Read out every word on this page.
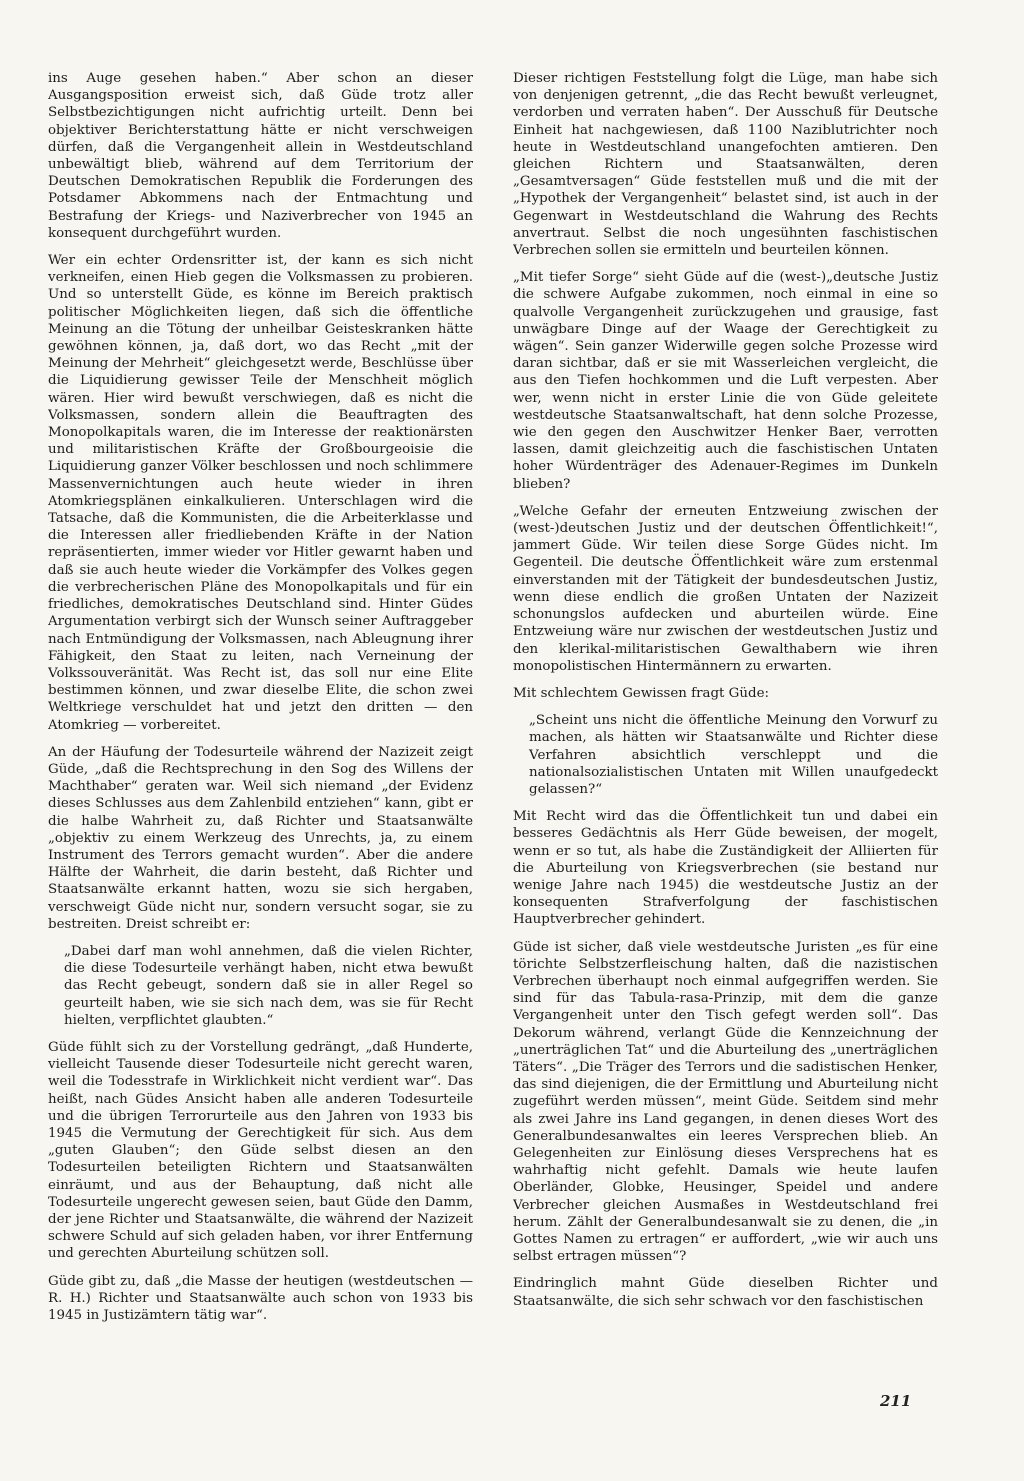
ins Auge gesehen haben.“ Aber schon an dieser Ausgangsposition erweist sich, daß Güde trotz aller Selbstbezichtigungen nicht aufrichtig urteilt. Denn bei objektiver Berichterstattung hätte er nicht verschweigen dürfen, daß die Vergangenheit allein in Westdeutschland unbewältigt blieb, während auf dem Territorium der Deutschen Demokratischen Republik die Forderungen des Potsdamer Abkommens nach der Entmachtung und Bestrafung der Kriegs- und Naziverbrecher von 1945 an konsequent durchgeführt wurden.

Wer ein echter Ordensritter ist, der kann es sich nicht verkneifen, einen Hieb gegen die Volksmassen zu probieren. Und so unterstellt Güde, es könne im Bereich praktisch politischer Möglichkeiten liegen, daß sich die öffentliche Meinung an die Tötung der unheilbar Geisteskranken hätte gewöhnen können, ja, daß dort, wo das Recht „mit der Meinung der Mehrheit“ gleichgesetzt werde, Beschlüsse über die Liquidierung gewisser Teile der Menschheit möglich wären. Hier wird bewußt verschwiegen, daß es nicht die Volksmassen, sondern allein die Beauftragten des Monopolkapitals waren, die im Interesse der reaktionärsten und militaristischen Kräfte der Großbourgeoisie die Liquidierung ganzer Völker beschlossen und noch schlimmere Massenvernichtungen auch heute wieder in ihren Atomkriegsplänen einkalkulieren. Unterschlagen wird die Tatsache, daß die Kommunisten, die die Arbeiterklasse und die Interessen aller friedliebenden Kräfte in der Nation repräsentierten, immer wieder vor Hitler gewarnt haben und daß sie auch heute wieder die Vorkämpfer des Volkes gegen die verbrecherischen Pläne des Monopolkapitals und für ein friedliches, demokratisches Deutschland sind. Hinter Güdes Argumentation verbirgt sich der Wunsch seiner Auftraggeber nach Entmündigung der Volksmassen, nach Ableugnung ihrer Fähigkeit, den Staat zu leiten, nach Verneinung der Volkssouveränität. Was Recht ist, das soll nur eine Elite bestimmen können, und zwar dieselbe Elite, die schon zwei Weltkriege verschuldet hat und jetzt den dritten — den Atomkrieg — vorbereitet.

An der Häufung der Todesurteile während der Nazizeit zeigt Güde, „daß die Rechtsprechung in den Sog des Willens der Machthaber“ geraten war. Weil sich niemand „der Evidenz dieses Schlusses aus dem Zahlenbild entziehen“ kann, gibt er die halbe Wahrheit zu, daß Richter und Staatsanwälte „objektiv zu einem Werkzeug des Unrechts, ja, zu einem Instrument des Terrors gemacht wurden“. Aber die andere Hälfte der Wahrheit, die darin besteht, daß Richter und Staatsanwälte erkannt hatten, wozu sie sich hergaben, verschweigt Güde nicht nur, sondern versucht sogar, sie zu bestreiten. Dreist schreibt er:

„Dabei darf man wohl annehmen, daß die vielen Richter, die diese Todesurteile verhängt haben, nicht etwa bewußt das Recht gebeugt, sondern daß sie in aller Regel so geurteilt haben, wie sie sich nach dem, was sie für Recht hielten, verpflichtet glaubten.“

Güde fühlt sich zu der Vorstellung gedrängt, „daß Hunderte, vielleicht Tausende dieser Todesurteile nicht gerecht waren, weil die Todesstrafe in Wirklichkeit nicht verdient war“. Das heißt, nach Güdes Ansicht haben alle anderen Todesurteile und die übrigen Terrorurteile aus den Jahren von 1933 bis 1945 die Vermutung der Gerechtigkeit für sich. Aus dem „guten Glauben“; den Güde selbst diesen an den Todesurteilen beteiligten Richtern und Staatsanwälten einräumt, und aus der Behauptung, daß nicht alle Todesurteile ungerecht gewesen seien, baut Güde den Damm, der jene Richter und Staatsanwälte, die während der Nazizeit schwere Schuld auf sich geladen haben, vor ihrer Entfernung und gerechten Aburteilung schützen soll.

Güde gibt zu, daß „die Masse der heutigen (westdeutschen — R. H.) Richter und Staatsanwälte auch schon von 1933 bis 1945 in Justizämtern tätig war“.

Dieser richtigen Feststellung folgt die Lüge, man habe sich von denjenigen getrennt, „die das Recht bewußt verleugnet, verdorben und verraten haben“. Der Ausschuß für Deutsche Einheit hat nachgewiesen, daß 1100 Naziblutrichter noch heute in Westdeutschland unangefochten amtieren. Den gleichen Richtern und Staatsanwälten, deren „Gesamtversagen“ Güde feststellen muß und die mit der „Hypothek der Vergangenheit“ belastet sind, ist auch in der Gegenwart in Westdeutschland die Wahrung des Rechts anvertraut. Selbst die noch ungesühnten faschistischen Verbrechen sollen sie ermitteln und beurteilen können.

„Mit tiefer Sorge“ sieht Güde auf die (west-)„deutsche Justiz die schwere Aufgabe zukommen, noch einmal in eine so qualvolle Vergangenheit zurückzugehen und grausige, fast unwägbare Dinge auf der Waage der Gerechtigkeit zu wägen“. Sein ganzer Widerwille gegen solche Prozesse wird daran sichtbar, daß er sie mit Wasserleichen vergleicht, die aus den Tiefen hochkommen und die Luft verpesten. Aber wer, wenn nicht in erster Linie die von Güde geleitete westdeutsche Staatsanwaltschaft, hat denn solche Prozesse, wie den gegen den Auschwitzer Henker Baer, verrotten lassen, damit gleichzeitig auch die faschistischen Untaten hoher Würdenträger des Adenauer-Regimes im Dunkeln blieben?

„Welche Gefahr der erneuten Entzweiung zwischen der (west-)deutschen Justiz und der deutschen Öffentlichkeit!“, jammert Güde. Wir teilen diese Sorge Güdes nicht. Im Gegenteil. Die deutsche Öffentlichkeit wäre zum erstenmal einverstanden mit der Tätigkeit der bundesdeutschen Justiz, wenn diese endlich die großen Untaten der Nazizeit schonungslos aufdecken und aburteilen würde. Eine Entzweiung wäre nur zwischen der westdeutschen Justiz und den klerikal-militaristischen Gewalthabern wie ihren monopolistischen Hintermännern zu erwarten.

Mit schlechtem Gewissen fragt Güde:

„Scheint uns nicht die öffentliche Meinung den Vorwurf zu machen, als hätten wir Staatsanwälte und Richter diese Verfahren absichtlich verschleppt und die nationalsozialistischen Untaten mit Willen unaufgedeckt gelassen?“

Mit Recht wird das die Öffentlichkeit tun und dabei ein besseres Gedächtnis als Herr Güde beweisen, der mogelt, wenn er so tut, als habe die Zuständigkeit der Alliierten für die Aburteilung von Kriegsverbrechen (sie bestand nur wenige Jahre nach 1945) die westdeutsche Justiz an der konsequenten Strafverfolgung der faschistischen Hauptverbrecher gehindert.

Güde ist sicher, daß viele westdeutsche Juristen „es für eine törichte Selbstzerfleischung halten, daß die nazistischen Verbrechen überhaupt noch einmal aufgegriffen werden. Sie sind für das Tabula-rasa-Prinzip, mit dem die ganze Vergangenheit unter den Tisch gefegt werden soll“. Das Dekorum während, verlangt Güde die Kennzeichnung der „unerträglichen Tat“ und die Aburteilung des „unerträglichen Täters“. „Die Träger des Terrors und die sadistischen Henker, das sind diejenigen, die der Ermittlung und Aburteilung nicht zugeführt werden müssen“, meint Güde. Seitdem sind mehr als zwei Jahre ins Land gegangen, in denen dieses Wort des Generalbundesanwaltes ein leeres Versprechen blieb. An Gelegenheiten zur Einlösung dieses Versprechens hat es wahrhaftig nicht gefehlt. Damals wie heute laufen Oberländer, Globke, Heusinger, Speidel und andere Verbrecher gleichen Ausmaßes in Westdeutschland frei herum. Zählt der Generalbundesanwalt sie zu denen, die „in Gottes Namen zu ertragen“ er auffordert, „wie wir auch uns selbst ertragen müssen“?

Eindringlich mahnt Güde dieselben Richter und Staatsanwälte, die sich sehr schwach vor den faschistischen

211
